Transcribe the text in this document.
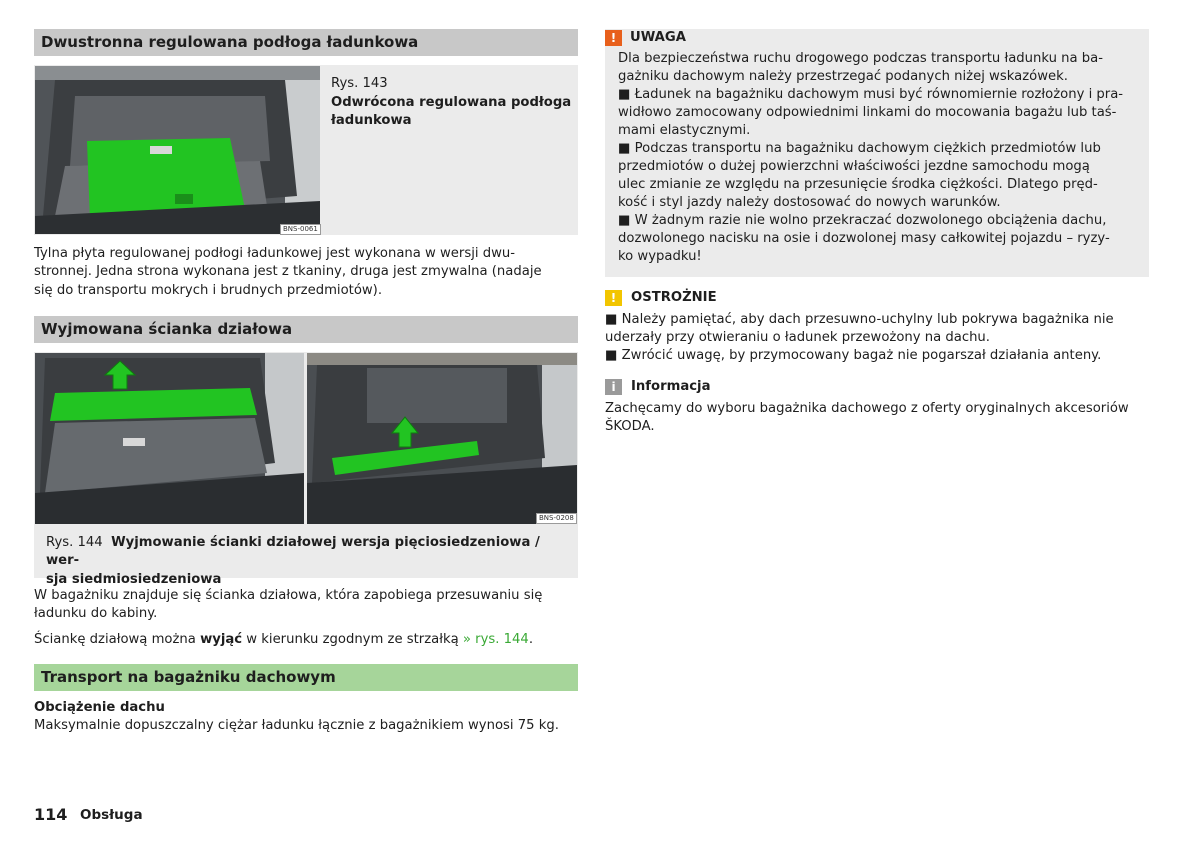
Dwustronna regulowana podłoga ładunkowa
BNS-0061
Rys. 143
Odwrócona regulowana podłoga
ładunkowa

Tylna płyta regulowanej podłogi ładunkowej jest wykonana w wersji dwu-

stronnej. Jedna strona wykonana jest z tkaniny, druga jest zmywalna (nadaje

się do transportu mokrych i brudnych przedmiotów).

Wyjmowana ścianka działowa
BNS-0208
Rys. 144 Wyjmowanie ścianki działowej wersja pięciosiedzeniowa / wer-
sja siedmiosiedzeniowa

W bagażniku znajduje się ścianka działowa, która zapobiega przesuwaniu się

ładunku do kabiny.

Ściankę działową można wyjąć w kierunku zgodnym ze strzałką » rys. 144.

Transport na bagażniku dachowym
Obciążenie dachu
Maksymalnie dopuszczalny ciężar ładunku łącznie z bagażnikiem wynosi 75 kg.
114 Obsługa
!	UWAGA
Dla bezpieczeństwa ruchu drogowego podczas transportu ładunku na ba-
gażniku dachowym należy przestrzegać podanych niżej wskazówek.
■ Ładunek na bagażniku dachowym musi być równomiernie rozłożony i pra-
widłowo zamocowany odpowiednimi linkami do mocowania bagażu lub taś-
mami elastycznymi.
■ Podczas transportu na bagażniku dachowym ciężkich przedmiotów lub
przedmiotów o dużej powierzchni właściwości jezdne samochodu mogą
ulec zmianie ze względu na przesunięcie środka ciężkości. Dlatego pręd-
kość i styl jazdy należy dostosować do nowych warunków.
■ W żadnym razie nie wolno przekraczać dozwolonego obciążenia dachu,
dozwolonego nacisku na osie i dozwolonej masy całkowitej pojazdu – ryzy-
ko wypadku!
!	OSTROŻNIE
■ Należy pamiętać, aby dach przesuwno-uchylny lub pokrywa bagażnika nie
uderzały przy otwieraniu o ładunek przewożony na dachu.
■ Zwrócić uwagę, by przymocowany bagaż nie pogarszał działania anteny.
i	Informacja
Zachęcamy do wyboru bagażnika dachowego z oferty oryginalnych akcesoriów
ŠKODA.
